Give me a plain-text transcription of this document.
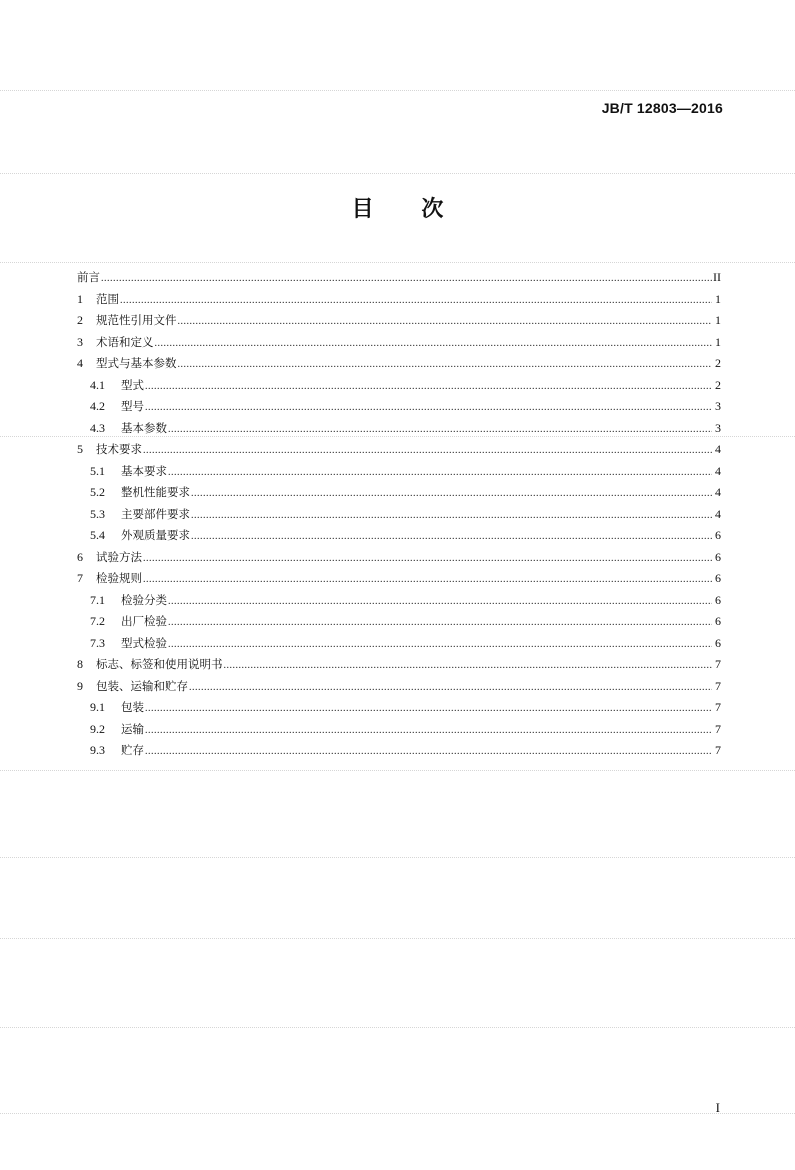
JB/T 12803—2016
目 次
前言 .....	II
1	范围 .....	1
2	规范性引用文件 .....	1
3	术语和定义 .....	1
4	型式与基本参数 .....	2
4.1	型式 .....	2
4.2	型号 .....	3
4.3	基本参数 .....	3
5	技术要求 .....	4
5.1	基本要求 .....	4
5.2	整机性能要求 .....	4
5.3	主要部件要求 .....	4
5.4	外观质量要求 .....	6
6	试验方法 .....	6
7	检验规则 .....	6
7.1	检验分类 .....	6
7.2	出厂检验 .....	6
7.3	型式检验 .....	6
8	标志、标签和使用说明书 .....	7
9	包装、运输和贮存 .....	7
9.1	包装 .....	7
9.2	运输 .....	7
9.3	贮存 .....	7
I
